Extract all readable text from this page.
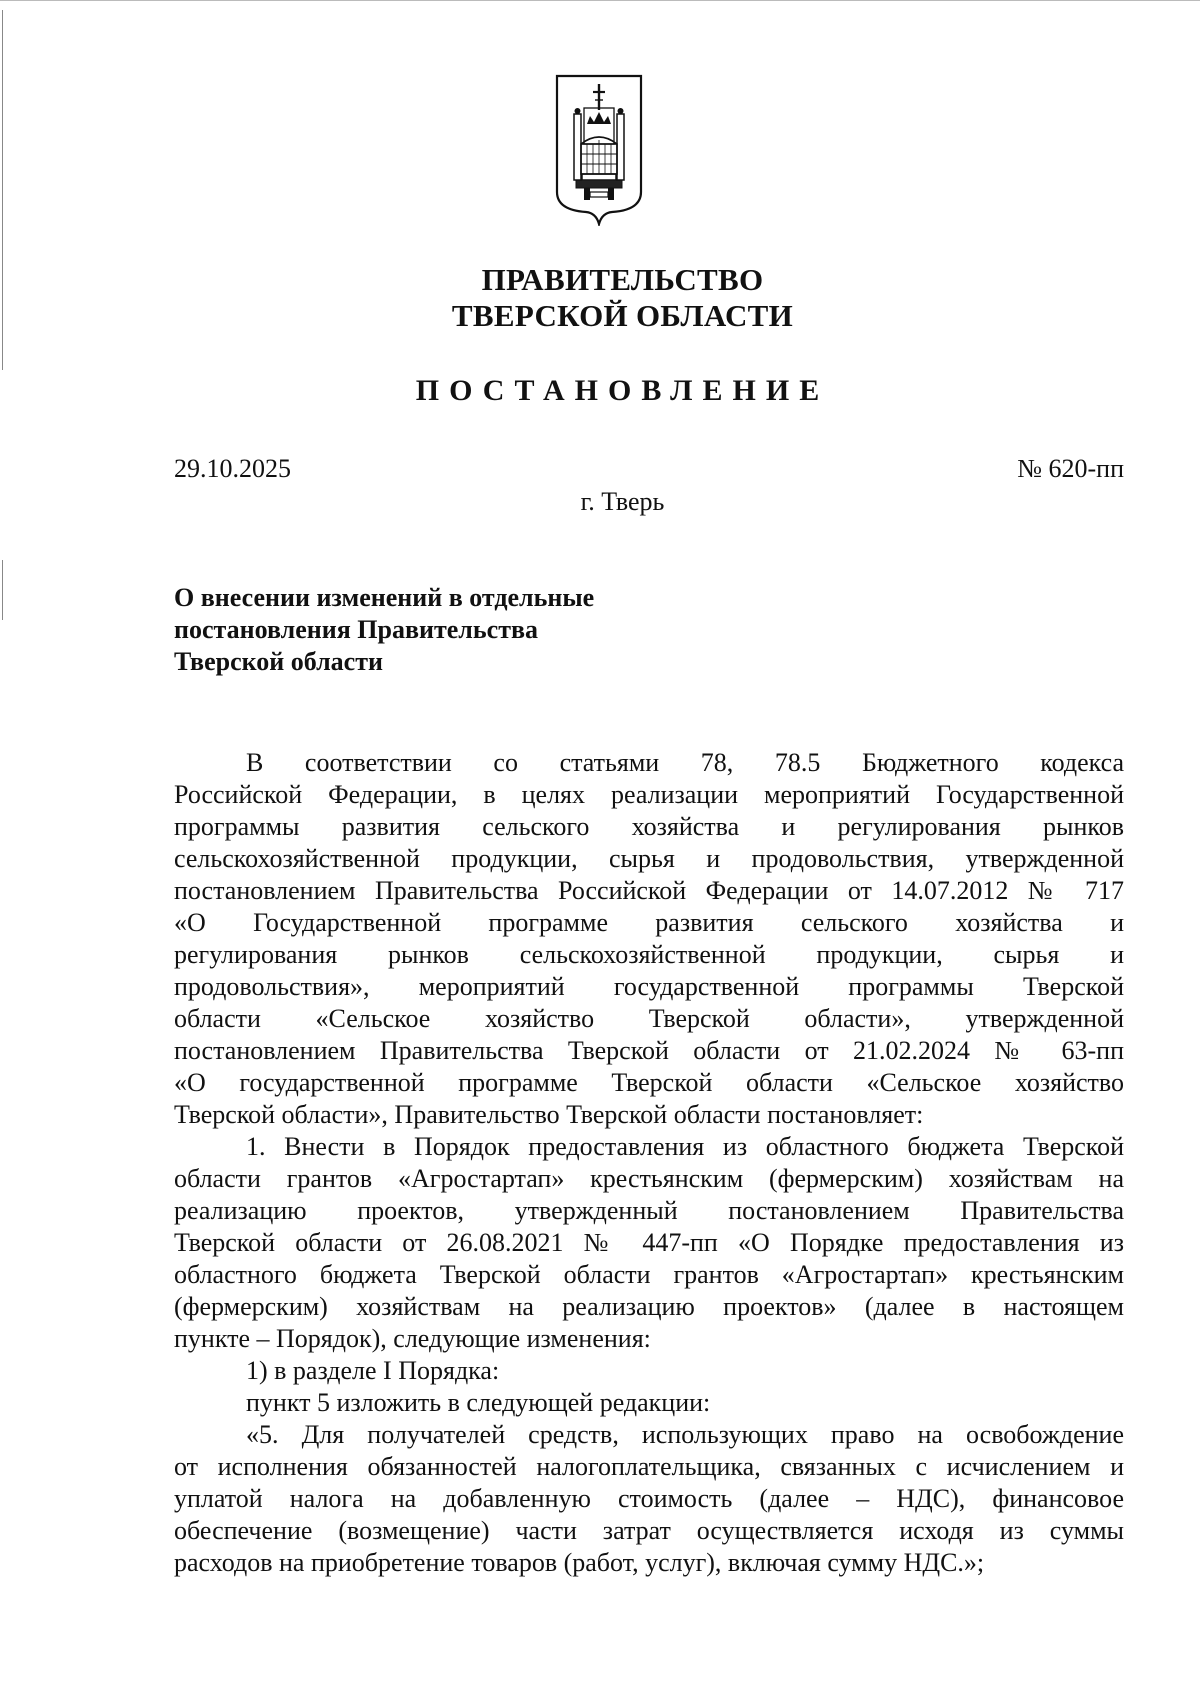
ПРАВИТЕЛЬСТВО
ТВЕРСКОЙ ОБЛАСТИ
ПОСТАНОВЛЕНИЕ
29.10.2025	№ 620-пп
г. Тверь
О внесении изменений в отдельные
постановления Правительства
Тверской области
В соответствии со статьями 78, 78.5 Бюджетного кодекса
Российской Федерации, в целях реализации мероприятий Государственной
программы развития сельского хозяйства и регулирования рынков
сельскохозяйственной продукции, сырья и продовольствия, утвержденной
постановлением Правительства Российской Федерации от 14.07.2012 № 717
«О Государственной программе развития сельского хозяйства и
регулирования рынков сельскохозяйственной продукции, сырья и
продовольствия», мероприятий государственной программы Тверской
области «Сельское хозяйство Тверской области», утвержденной
постановлением Правительства Тверской области от 21.02.2024 № 63-пп
«О государственной программе Тверской области «Сельское хозяйство
Тверской области», Правительство Тверской области постановляет:
1. Внести в Порядок предоставления из областного бюджета Тверской
области грантов «Агростартап» крестьянским (фермерским) хозяйствам на
реализацию проектов, утвержденный постановлением Правительства
Тверской области от 26.08.2021 № 447-пп «О Порядке предоставления из
областного бюджета Тверской области грантов «Агростартап» крестьянским
(фермерским) хозяйствам на реализацию проектов» (далее в настоящем
пункте – Порядок), следующие изменения:
1) в разделе I Порядка:
пункт 5 изложить в следующей редакции:
«5. Для получателей средств, использующих право на освобождение
от исполнения обязанностей налогоплательщика, связанных с исчислением и
уплатой налога на добавленную стоимость (далее – НДС), финансовое
обеспечение (возмещение) части затрат осуществляется исходя из суммы
расходов на приобретение товаров (работ, услуг), включая сумму НДС.»;
